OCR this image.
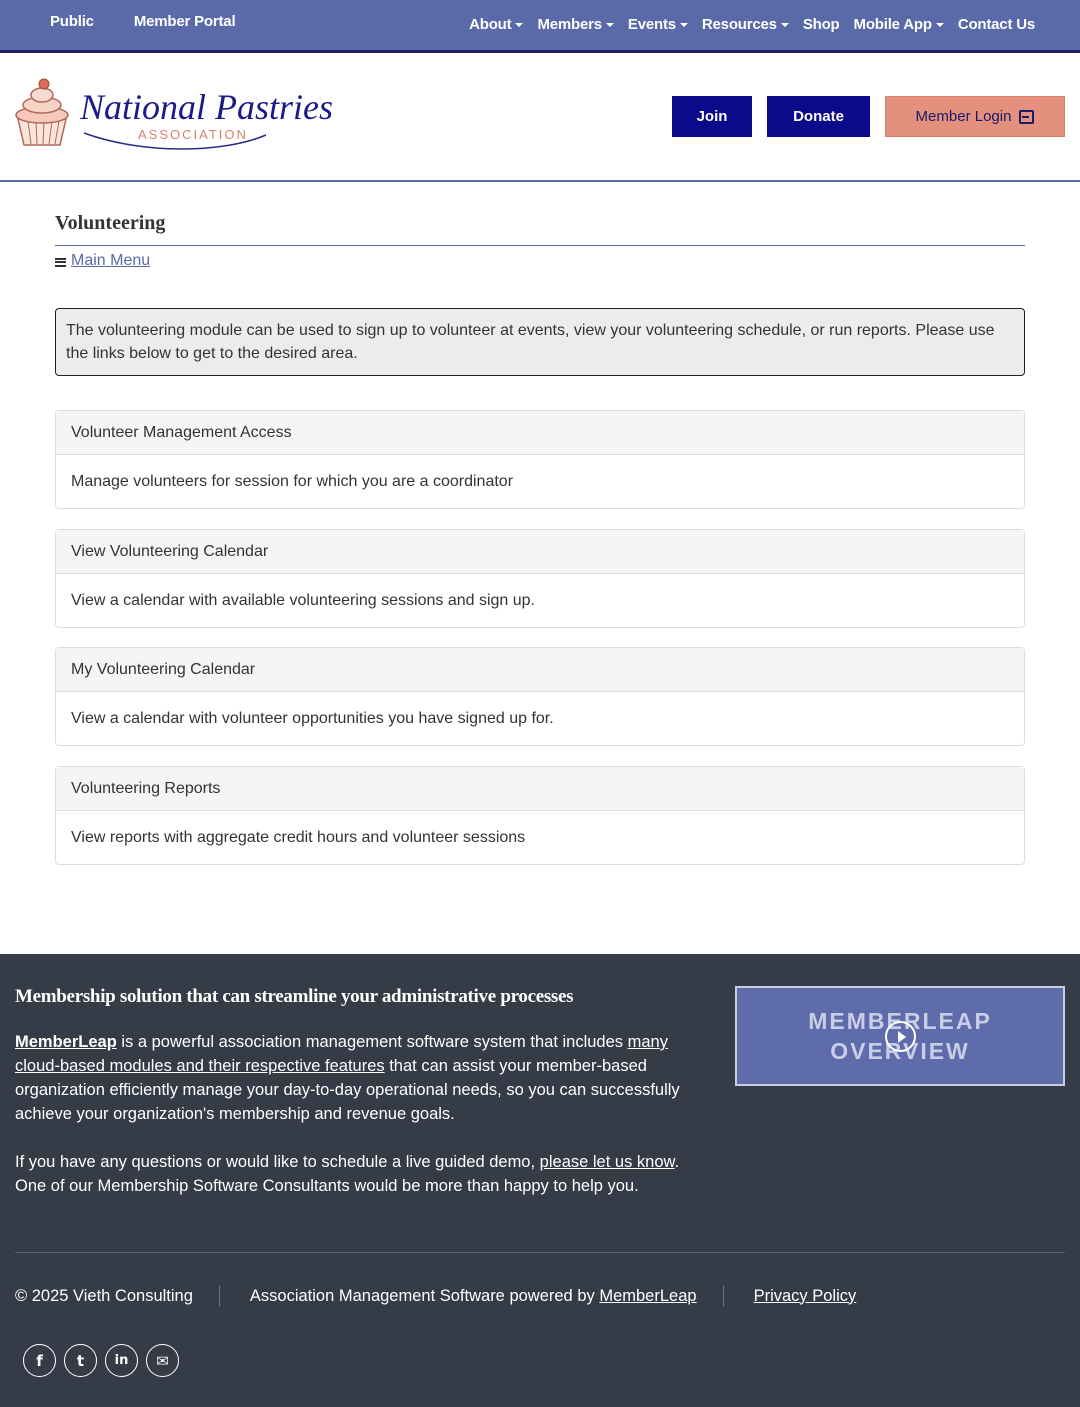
Public	Member Portal	About	Members	Events	Resources	Shop Mobile App	Contact Us
National Pastries
ASSOCIATION
Join	Donate	Member Login
Volunteering
Main Menu
The volunteering module can be used to sign up to volunteer at events, view your volunteering schedule, or run reports. Please use the links below to get to the desired area.
Volunteer Management Access
Manage volunteers for session for which you are a coordinator
View Volunteering Calendar
View a calendar with available volunteering sessions and sign up.
My Volunteering Calendar
View a calendar with volunteer opportunities you have signed up for.
Volunteering Reports
View reports with aggregate credit hours and volunteer sessions
Membership solution that can streamline your administrative processes

MemberLeap is a powerful association management software system that includes many cloud-based modules and their respective features that can assist your member-based organization efficiently manage your day-to-day operational needs, so you can successfully achieve your organization's membership and revenue goals.

If you have any questions or would like to schedule a live guided demo, please let us know. One of our Membership Software Consultants would be more than happy to help you.

MEMBERLEAP
OVERVIEW
© 2025 Vieth Consulting	Association Management Software powered by MemberLeap	Privacy Policy
f	t	in	✉
